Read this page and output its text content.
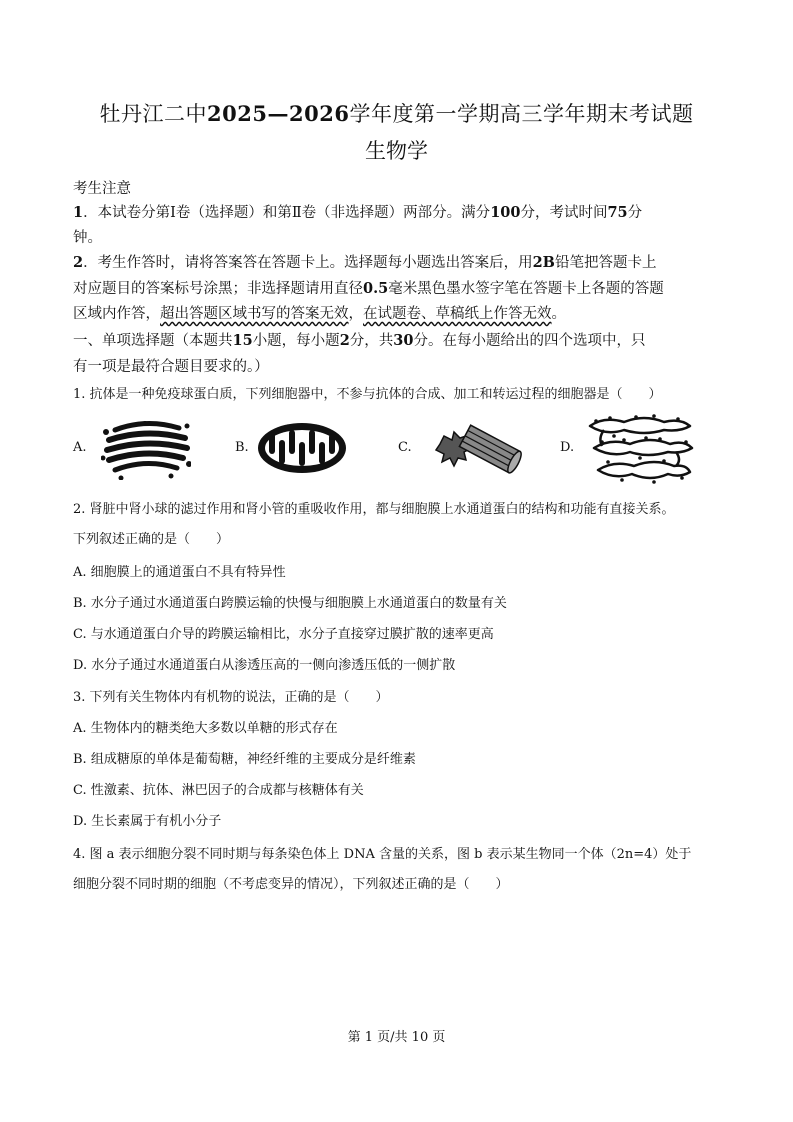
牡丹江二中2025—2026学年度第一学期高三学年期末考试题
生物学
考生注意
1．本试卷分第Ⅰ卷（选择题）和第Ⅱ卷（非选择题）两部分。满分100分，考试时间75分
钟。
2．考生作答时，请将答案答在答题卡上。选择题每小题选出答案后，用2B铅笔把答题卡上
对应题目的答案标号涂黑；非选择题请用直径0.5毫米黑色墨水签字笔在答题卡上各题的答题
区域内作答，超出答题区域书写的答案无效，在试题卷、草稿纸上作答无效。
一、单项选择题（本题共15小题，每小题2分，共30分。在每小题给出的四个选项中，只
有一项是最符合题目要求的。）
1. 抗体是一种免疫球蛋白质，下列细胞器中，不参与抗体的合成、加工和转运过程的细胞器是（　　）
A.	B.	C.	D.
2. 肾脏中肾小球的滤过作用和肾小管的重吸收作用，都与细胞膜上水通道蛋白的结构和功能有直接关系。
下列叙述正确的是（　　）
A. 细胞膜上的通道蛋白不具有特异性
B. 水分子通过水通道蛋白跨膜运输的快慢与细胞膜上水通道蛋白的数量有关
C. 与水通道蛋白介导的跨膜运输相比，水分子直接穿过膜扩散的速率更高
D. 水分子通过水通道蛋白从渗透压高的一侧向渗透压低的一侧扩散
3. 下列有关生物体内有机物的说法，正确的是（　　）
A. 生物体内的糖类绝大多数以单糖的形式存在
B. 组成糖原的单体是葡萄糖，神经纤维的主要成分是纤维素
C. 性激素、抗体、淋巴因子的合成都与核糖体有关
D. 生长素属于有机小分子
4. 图 a 表示细胞分裂不同时期与每条染色体上 DNA 含量的关系，图 b 表示某生物同一个体（2n=4）处于
细胞分裂不同时期的细胞（不考虑变异的情况），下列叙述正确的是（　　）
第 1 页/共 10 页
